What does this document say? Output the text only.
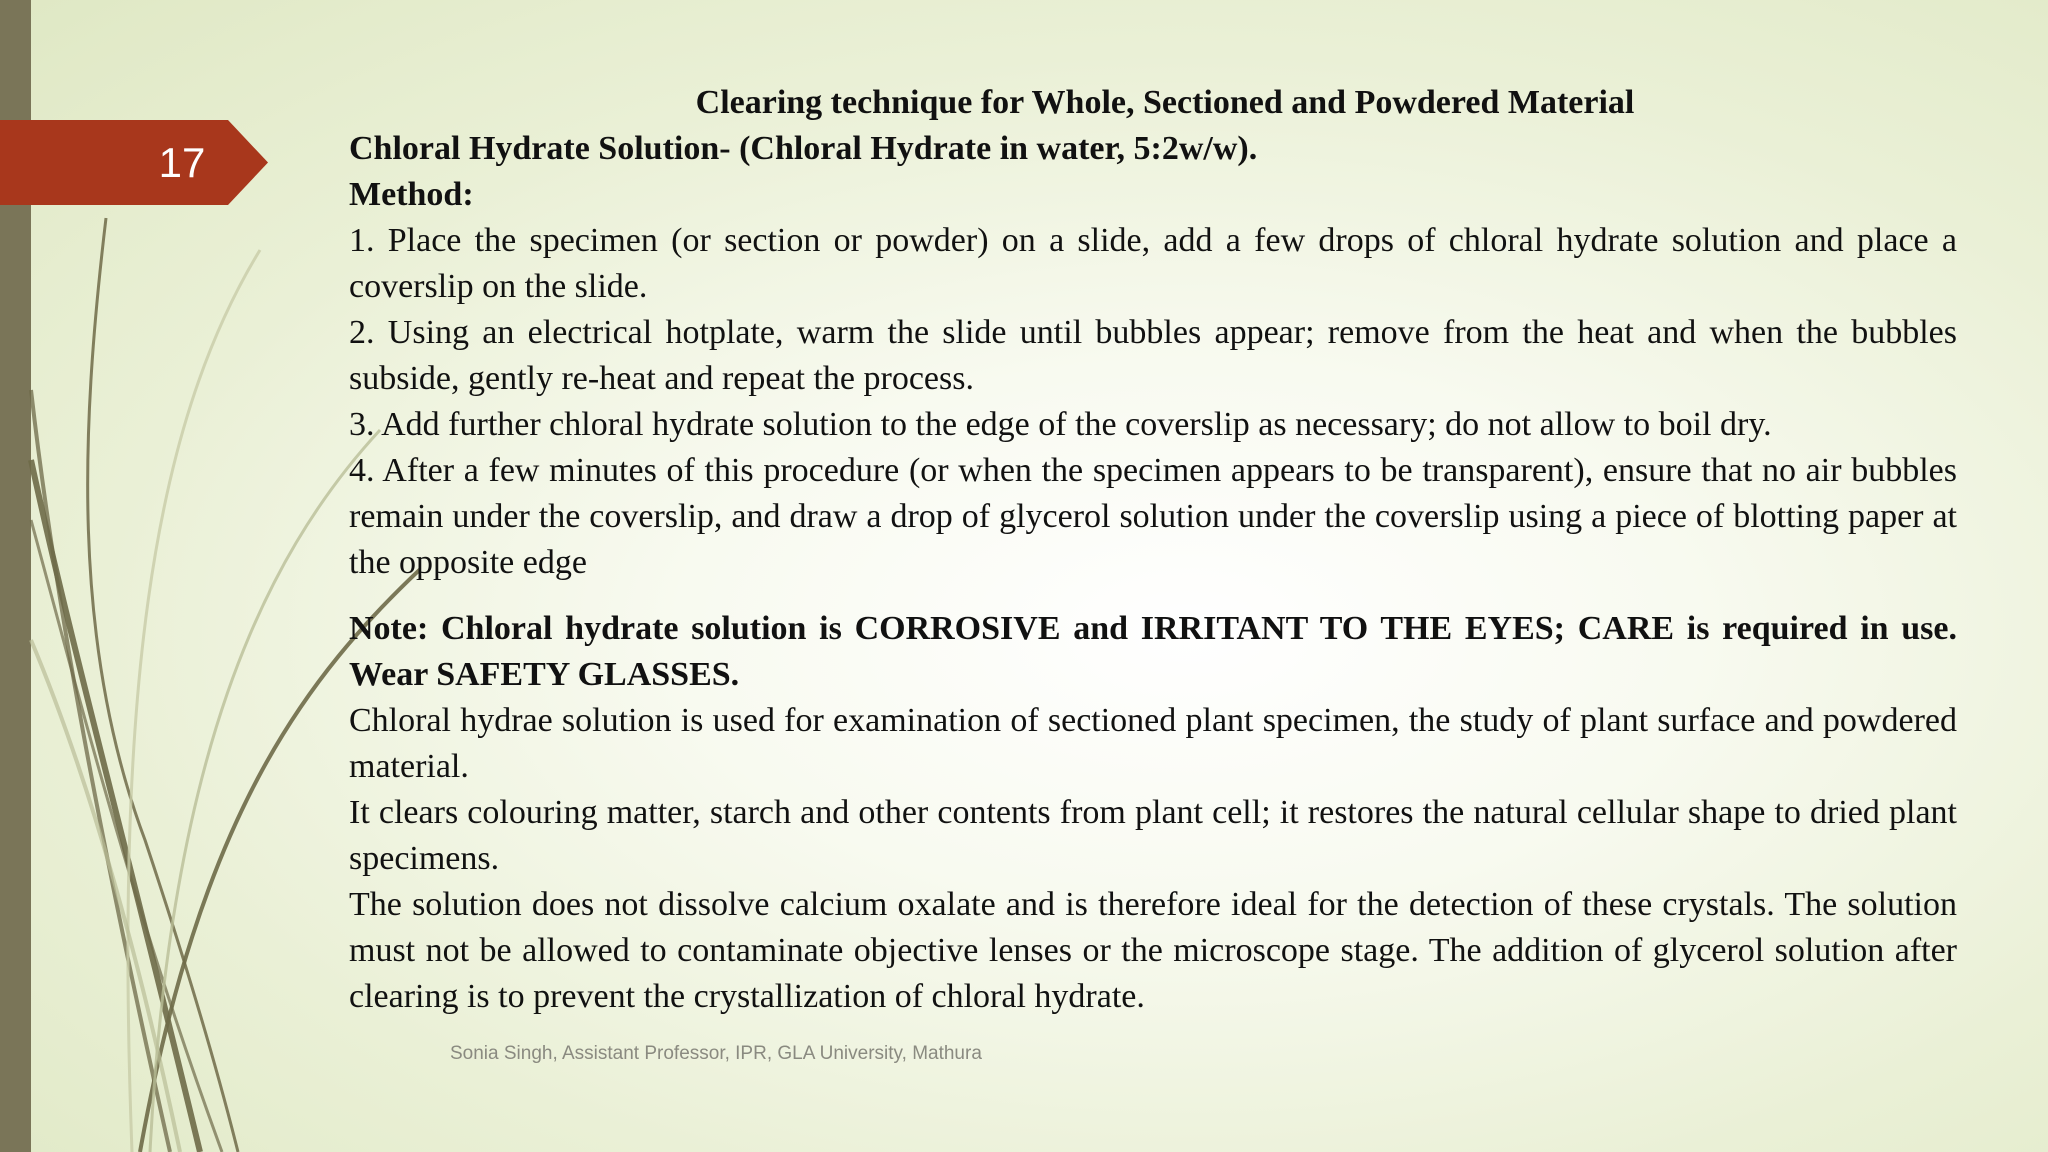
17
Clearing technique for Whole, Sectioned and Powdered Material
Chloral Hydrate Solution- (Chloral Hydrate in water, 5:2w/w).
Method:
1. Place the specimen (or section or powder) on a slide, add a few drops of chloral hydrate solution and place a coverslip on the slide.
2. Using an electrical hotplate, warm the slide until bubbles appear; remove from the heat and when the bubbles subside, gently re-heat and repeat the process.
3. Add further chloral hydrate solution to the edge of the coverslip as necessary; do not allow to boil dry.
4. After a few minutes of this procedure (or when the specimen appears to be transparent), ensure that no air bubbles remain under the coverslip, and draw a drop of glycerol solution under the coverslip using a piece of blotting paper at the opposite edge
Note: Chloral hydrate solution is CORROSIVE and IRRITANT TO THE EYES; CARE is required in use. Wear SAFETY GLASSES.
Chloral hydrae solution is used for examination of sectioned plant specimen, the study of plant surface and powdered material.
It clears colouring matter, starch and other contents from plant cell; it restores the natural cellular shape to dried plant specimens.
The solution does not dissolve calcium oxalate and is therefore ideal for the detection of these crystals. The solution must not be allowed to contaminate objective lenses or the microscope stage. The addition of glycerol solution after clearing is to prevent the crystallization of chloral hydrate.
Sonia Singh, Assistant Professor, IPR, GLA University, Mathura
